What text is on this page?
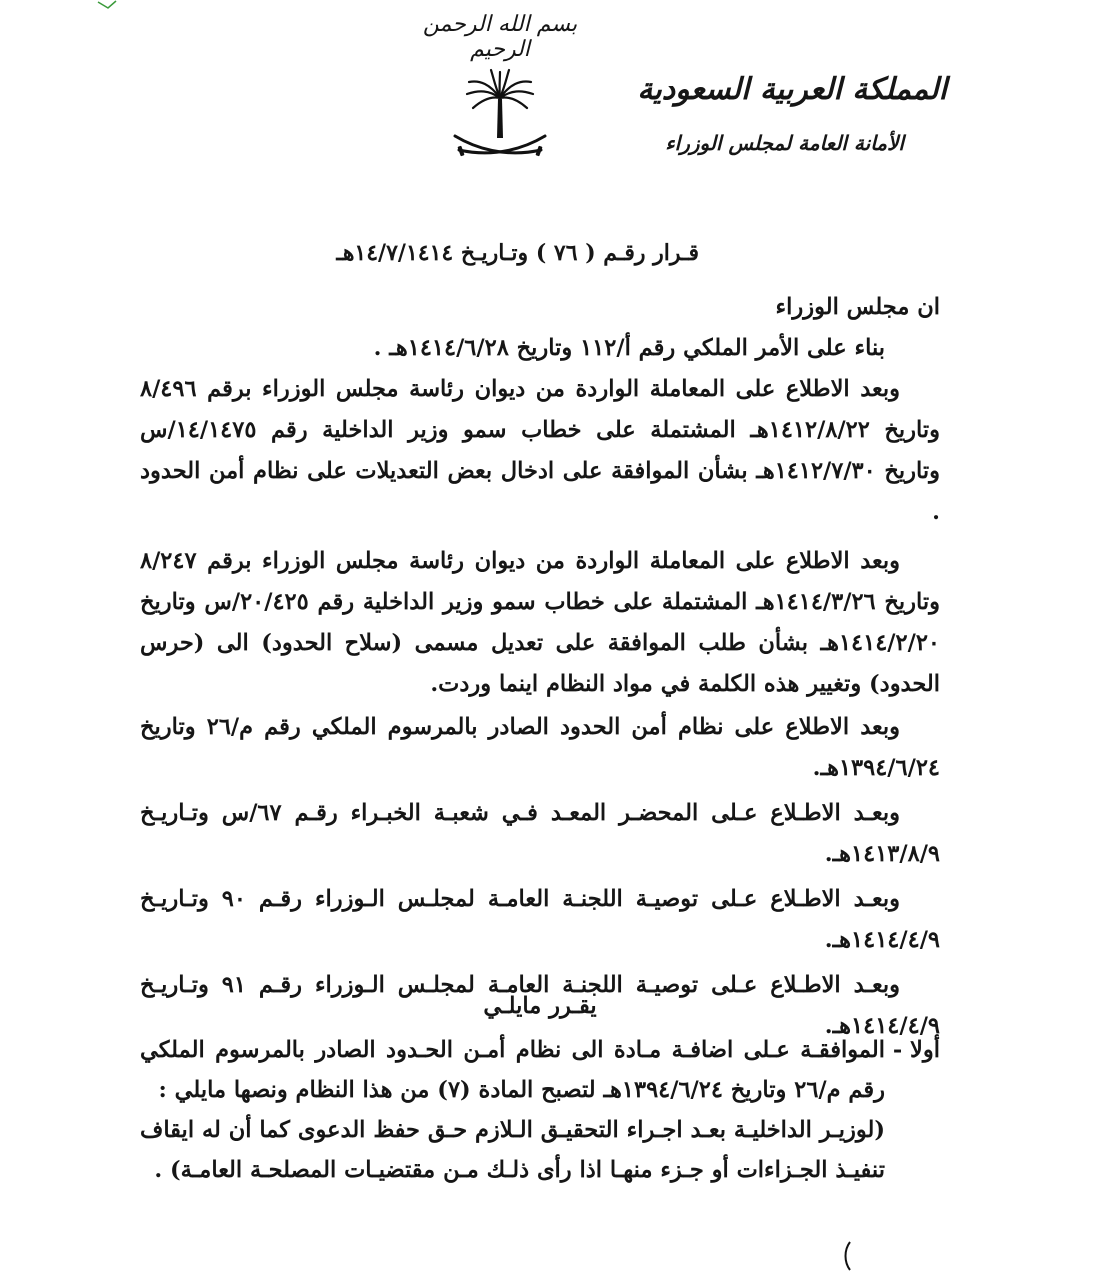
بسم الله الرحمن الرحيم
المملكة العربية السعودية
الأمانة العامة لمجلس الوزراء
قـرار رقـم ( ٧٦ ) وتـاريـخ ١٤/٧/١٤١٤هـ

ان مجلس الوزراء

بناء على الأمر الملكي رقم أ/١١٢ وتاريخ ١٤١٤/٦/٢٨هـ .

وبعد الاطلاع على المعاملة الواردة من ديوان رئاسة مجلس الوزراء برقم ٨/٤٩٦ وتاريخ ١٤١٢/٨/٢٢هـ المشتملة على خطاب سمو وزير الداخلية رقم ١٤/١٤٧٥/س وتاريخ ١٤١٢/٧/٣٠هـ بشأن الموافقة على ادخال بعض التعديلات على نظام أمن الحدود .

وبعد الاطلاع على المعاملة الواردة من ديوان رئاسة مجلس الوزراء برقم ٨/٢٤٧ وتاريخ ١٤١٤/٣/٢٦هـ المشتملة على خطاب سمو وزير الداخلية رقم ٢٠/٤٢٥/س وتاريخ ١٤١٤/٢/٢٠هـ بشأن طلب الموافقة على تعديل مسمى (سلاح الحدود) الى (حرس الحدود) وتغيير هذه الكلمة في مواد النظام اينما وردت.

وبعد الاطلاع على نظام أمن الحدود الصادر بالمرسوم الملكي رقم م/٢٦ وتاريخ ١٣٩٤/٦/٢٤هـ.

وبعـد الاطـلاع عـلى المحضـر المعـد فـي شعبـة الخبـراء رقـم ٦٧/س وتـاريـخ ١٤١٣/٨/٩هـ.

وبعـد الاطـلاع عـلى توصيـة اللجنـة العامـة لمجلـس الـوزراء رقـم ٩٠ وتـاريـخ ١٤١٤/٤/٩هـ.

وبعـد الاطـلاع عـلى توصيـة اللجنـة العامـة لمجلـس الـوزراء رقـم ٩١ وتـاريـخ ١٤١٤/٤/٩هـ.

يقـرر مايلـي
أولا -

الموافقـة عـلى اضافـة مـادة الى نظام أمـن الحـدود الصادر بالمرسوم الملكي رقم م/٢٦ وتاريخ ١٣٩٤/٦/٢٤هـ لتصبح المادة (٧) من هذا النظام ونصها مايلي :

(لوزيـر الداخليـة بعـد اجـراء التحقيـق الـلازم حـق حفظ الدعوى كما أن له ايقاف تنفيـذ الجـزاءات أو جـزء منهـا اذا رأى ذلـك مـن مقتضيـات المصلحـة العامـة) .
